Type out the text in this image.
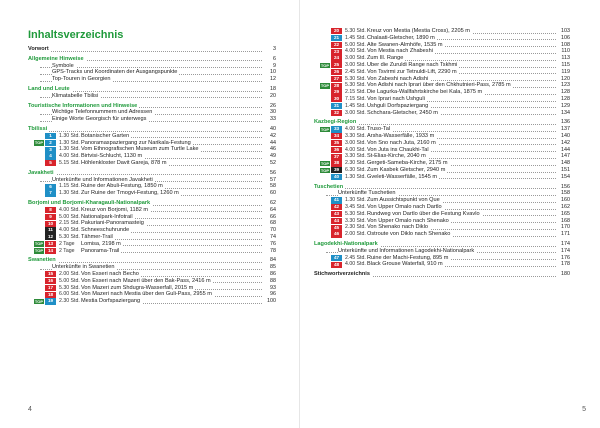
Inhaltsverzeichnis
Vorwort	3
Allgemeine Hinweise	6
Symbole	9
GPS-Tracks und Koordinaten der Ausgangspunkte	10
Top-Touren in Georgien	12
Land und Leute	18
Klimatabelle Tbilisi	20
Touristische Informationen und Hinweise	26
Wichtige Telefonnummern und Adressen	30
Einige Worte Georgisch für unterwegs	33
Tbilissi	40
1	1.30 Std. Botanischer Garten	42
TOP	2	1.30 Std. Panoramaspaziergang zur Narikala-Festung	44
3	1.30 Std. Vom Ethnografischen Museum zum Turtle Lake	46
4	4.00 Std. Birtvisi-Schlucht, 1130 m	49
5	5.15 Std. Höhlenkloster Davit Gareja, 878 m	52
Javakheti	56
Unterkünfte und Informationen Javakheti	57
6	1.15 Std. Ruine der Abuli-Festung, 1850 m	58
7	1.30 Std. Zur Ruine der Tmogvi-Festung, 1260 m	60
Borjomi und Borjomi-Kharagauli-Nationalpark	62
8	4.00 Std. Kreuz von Borjomi, 1182 m	64
9	5.00 Std. Nationalpark-Infotrail	66
10	2.15 Std. Pakuriani-Panoramasteig	68
11	4.00 Std. Schneeschuhrunde	70
12	5.30 Std. Tähmer-Trail	74
TOP	13	2 Tage	Lomisa, 2198 m	76
TOP	14	2 Tage	Panorama-Trail	78
Swanetien	84
Unterkünfte in Swanetien	85
15	2.00 Std. Von Esseri nach Becho	86
16	5.00 Std. Von Esseri nach Mazeri über den Bak-Pass, 2416 m	88
17	5.30 Std. Von Mazeri zum Shdugra-Wasserfall, 2015 m	93
18	6.00 Std. Von Mazeri nach Mestia über den Guli-Pass, 2955 m	96
TOP	19	2.30 Std. Mestia Dorfspaziergang	100
4
20	5.30 Std. Kreuz von Mestia (Mestia Cross), 2205 m	103
21	1.45 Std. Chalaati-Gletscher, 1890 m	106
22	5.00 Std. Alte Swanen-Almhöfe, 1535 m	108
23	4.00 Std. Von Mestia nach Zhabeshi	110
24	3.00 Std. Zum Ill. Range	113
TOP	25	3.00 Std. Über die Zuruldi Range nach Tskhmi	115
26	2.45 Std. Von Tsvirmi zur Tetnuldi-Lift, 2290 m	119
27	5.30 Std. Von Zabeshi nach Adishi	120
TOP	28	5.30 Std. Von Adishi nach Iprari über den Chkhutnieri-Pass, 2785 m	123
29	2.15 Std. Die Lagurka-Wallfahrtskirche bei Kala, 1875 m	128
30	7.15 Std. Von Iprari nach Ushguli	128
31	1.45 Std. Ushguli Dorfspaziergang	129
32	3.00 Std. Schchara-Gletscher, 2450 m	134
Kazbegi-Region	136
TOP	33	4.00 Std. Truso-Tal	137
34	3.30 Std. Arsha-Wasserfälle, 1933 m	140
35	3.00 Std. Von Sno nach Juta, 2160 m	142
36	4.00 Std. Von Juta ins Chaukhi-Tal	144
37	3.30 Std. St-Elias-Kirche, 2040 m	147
TOP	38	2.30 Std. Gergeti-Sameba-Kirche, 2175 m	148
TOP	39	6.30 Std. Zum Kasbek Gletscher, 2940 m	151
40	1.30 Std. Gveleti-Wasserfälle, 1545 m	154
Tuschetien	156
Unterkünfte Tuschetien	158
41	1.30 Std. Zum Aussichtspunkt von Que	160
42	3.45 Std. Von Upper Omalo nach Dartlo	162
43	5.30 Std. Rundweg von Dartlo über die Festung Kvavlo	165
44	3.30 Std. Von Upper Omalo nach Shenako	168
45	2.30 Std. Von Shenako nach Diklo	170
46	2.00 Std. Ostroute von Diklo nach Shenako	171
Lagodekhi-Nationalpark	174
Unterkünfte und Informationen Lagodekhi-Nationalpark	174
47	2.45 Std. Ruine der Machi-Festung, 895 m	176
48	4.00 Std. Black Grouse Waterfall, 910 m	178
Stichwortverzeichnis	180
5
